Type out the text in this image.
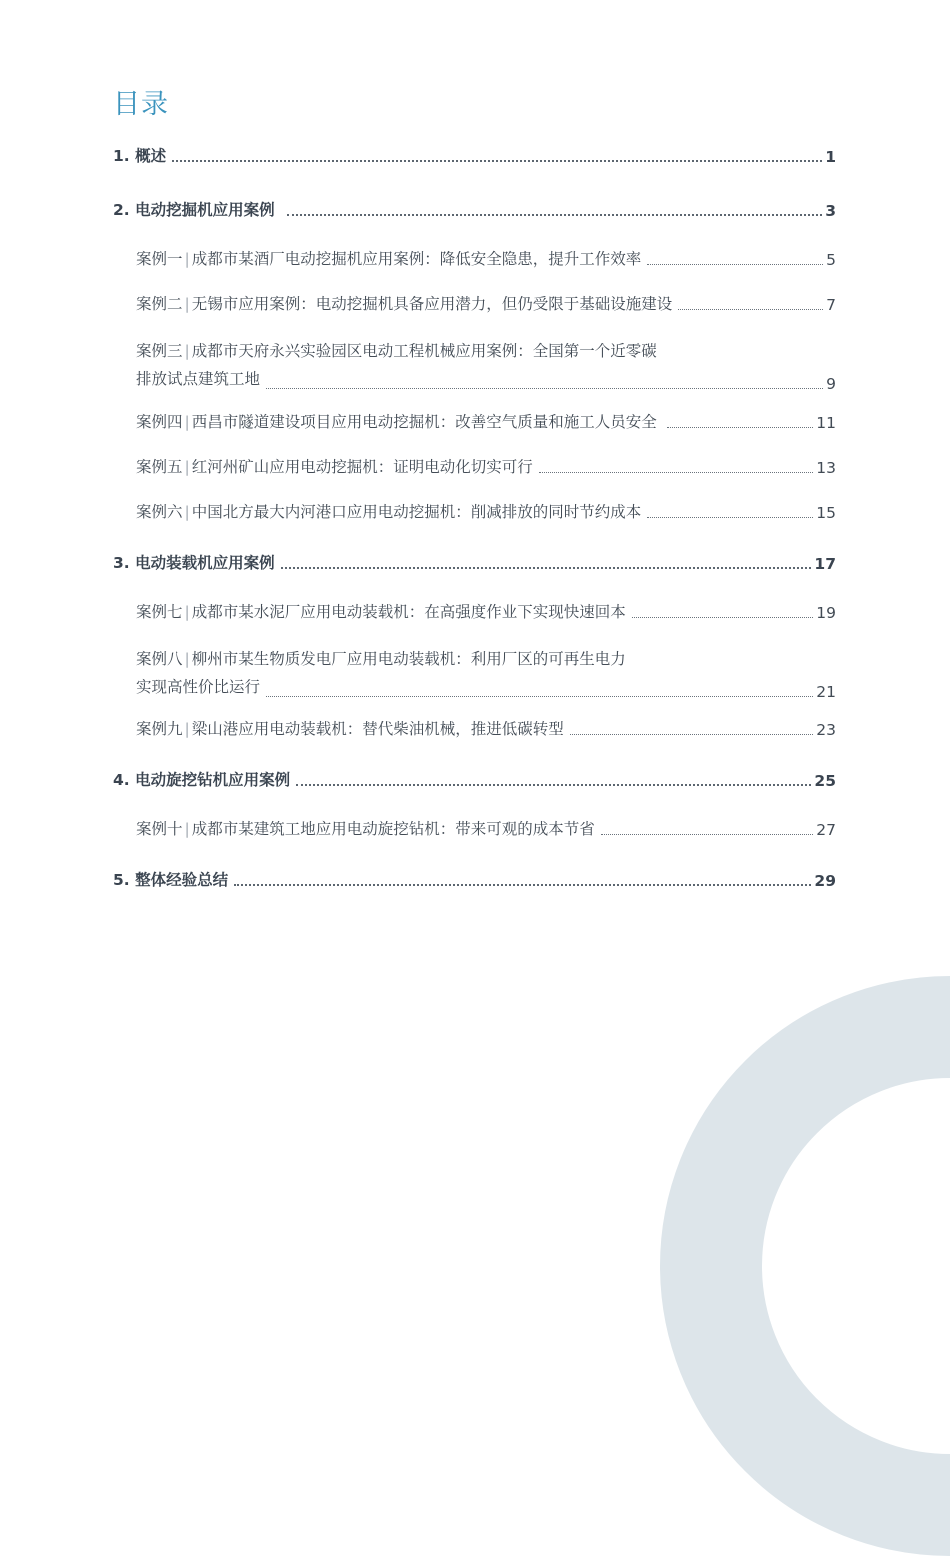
目录
1. 概述	1
2. 电动挖掘机应用案例	3
案例一 | 成都市某酒厂电动挖掘机应用案例：降低安全隐患，提升工作效率	5
案例二 | 无锡市应用案例：电动挖掘机具备应用潜力，但仍受限于基础设施建设	7
案例三 | 成都市天府永兴实验园区电动工程机械应用案例：全国第一个近零碳
排放试点建筑工地	9
案例四 | 西昌市隧道建设项目应用电动挖掘机：改善空气质量和施工人员安全	11
案例五 | 红河州矿山应用电动挖掘机：证明电动化切实可行	13
案例六 | 中国北方最大内河港口应用电动挖掘机：削减排放的同时节约成本	15
3. 电动装载机应用案例	17
案例七 | 成都市某水泥厂应用电动装载机：在高强度作业下实现快速回本	19
案例八 | 柳州市某生物质发电厂应用电动装载机：利用厂区的可再生电力
实现高性价比运行	21
案例九 | 梁山港应用电动装载机：替代柴油机械，推进低碳转型	23
4. 电动旋挖钻机应用案例	25
案例十 | 成都市某建筑工地应用电动旋挖钻机：带来可观的成本节省	27
5. 整体经验总结	29
